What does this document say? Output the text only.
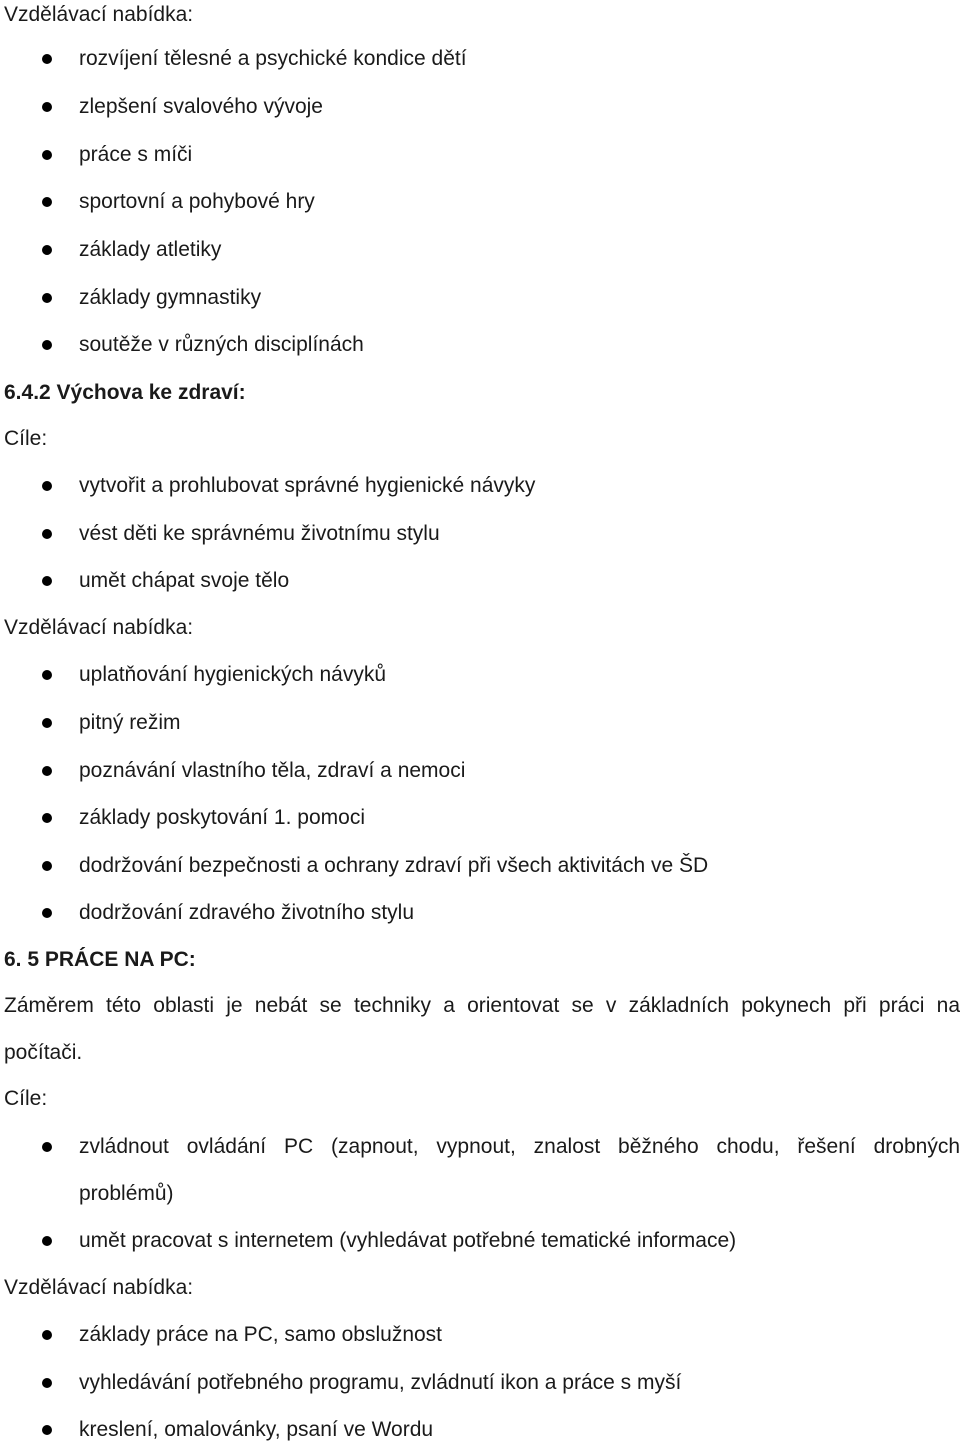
Vzdělávací nabídka:
rozvíjení tělesné a psychické kondice dětí
zlepšení svalového vývoje
práce s míči
sportovní a pohybové hry
základy atletiky
základy gymnastiky
soutěže v různých disciplínách
6.4.2 Výchova ke zdraví:
Cíle:
vytvořit a prohlubovat správné hygienické návyky
vést děti ke správnému životnímu stylu
umět chápat svoje tělo
Vzdělávací nabídka:
uplatňování hygienických návyků
pitný režim
poznávání vlastního těla, zdraví a nemoci
základy poskytování 1. pomoci
dodržování bezpečnosti a ochrany zdraví při všech aktivitách ve ŠD
dodržování zdravého životního stylu
6. 5 PRÁCE NA PC:
Záměrem této oblasti je nebát se techniky a orientovat se v základních pokynech při práci na
počítači.
Cíle:
zvládnout ovládání PC (zapnout, vypnout, znalost běžného chodu, řešení drobných
problémů)
umět pracovat s internetem (vyhledávat potřebné tematické informace)
Vzdělávací nabídka:
základy práce na PC, samo obslužnost
vyhledávání potřebného programu, zvládnutí ikon a práce s myší
kreslení, omalovánky, psaní ve Wordu
